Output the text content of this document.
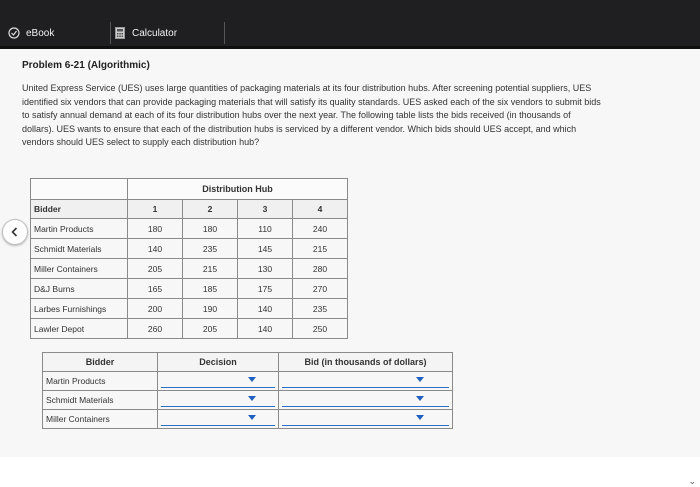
eBook	Calculator
Problem 6-21 (Algorithmic)
United Express Service (UES) uses large quantities of packaging materials at its four distribution hubs. After screening potential suppliers, UES
identified six vendors that can provide packaging materials that will satisfy its quality standards. UES asked each of the six vendors to submit bids
to satisfy annual demand at each of its four distribution hubs over the next year. The following table lists the bids received (in thousands of
dollars). UES wants to ensure that each of the distribution hubs is serviced by a different vendor. Which bids should UES accept, and which
vendors should UES select to supply each distribution hub?
	Distribution Hub			
Bidder	1	2	3	4
Martin Products	180	180	110	240
Schmidt Materials	140	235	145	215
Miller Containers	205	215	130	280
D&J Burns	165	185	175	270
Larbes Furnishings	200	190	140	235
Lawler Depot	260	205	140	250
Bidder	Decision	Bid (in thousands of dollars)
Martin Products	

Schmidt Materials	

Miller Containers	

⌄
